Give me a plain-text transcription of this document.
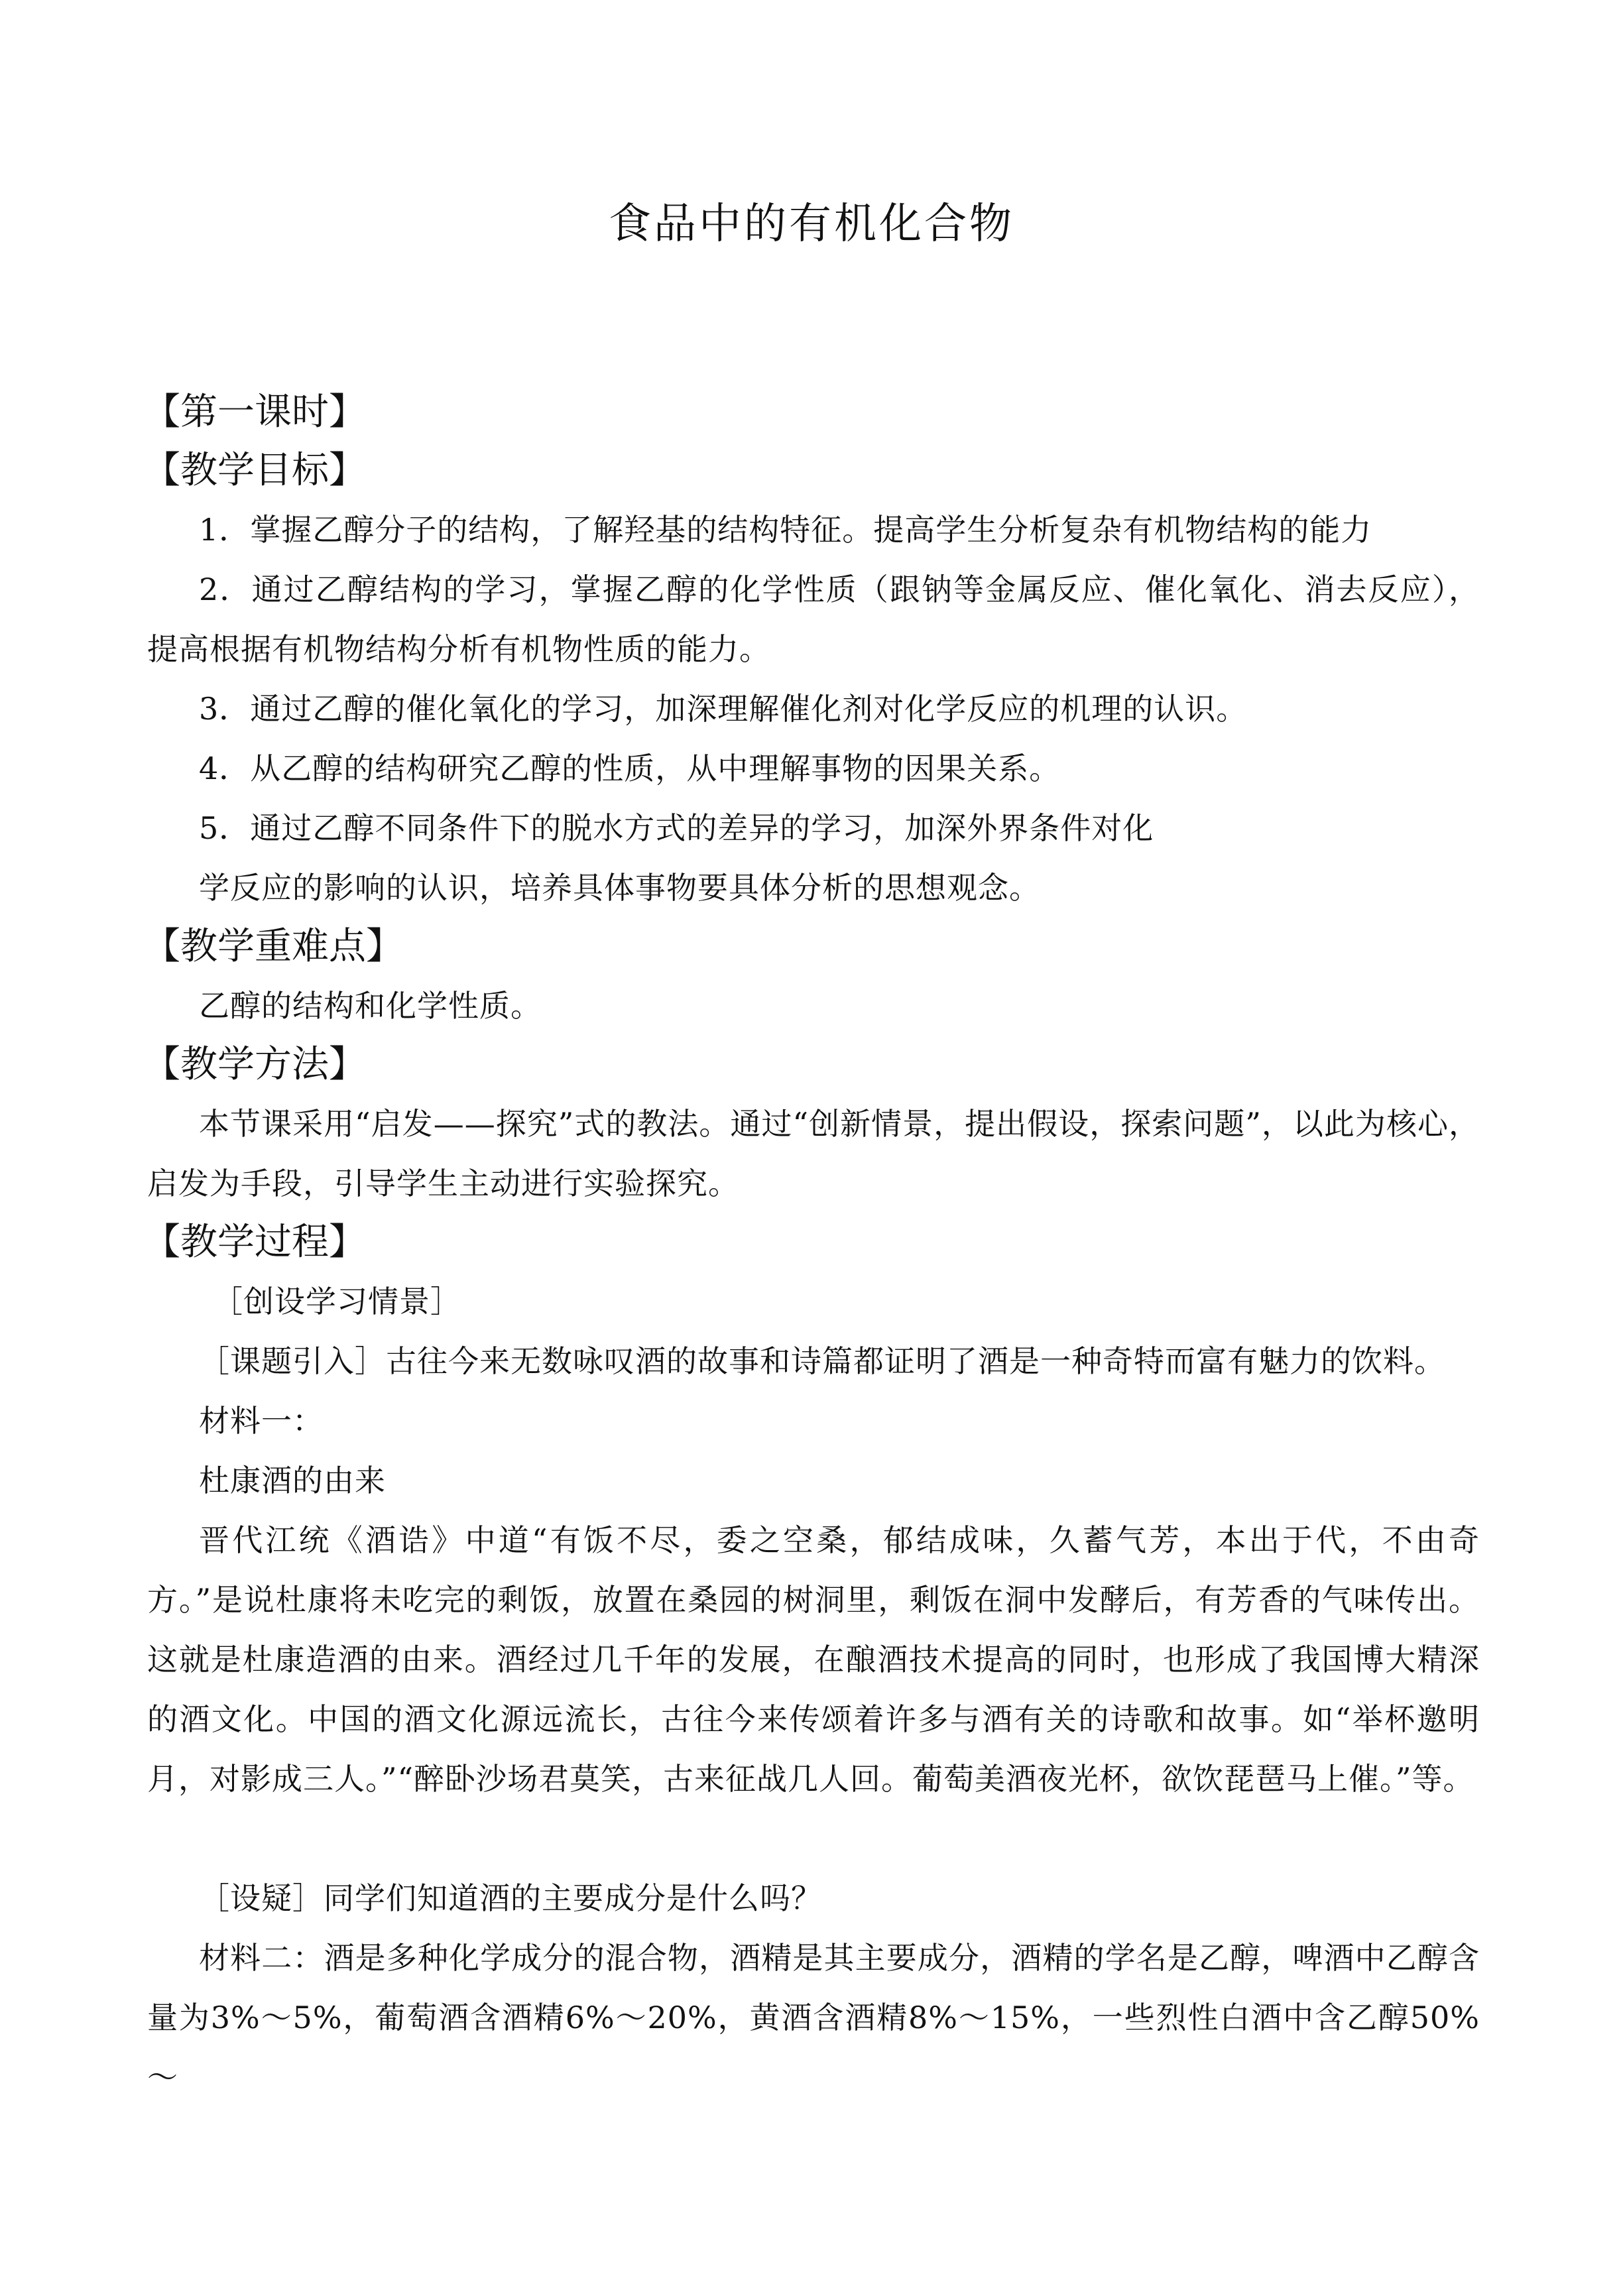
食品中的有机化合物
【第一课时】
【教学目标】
1．掌握乙醇分子的结构，了解羟基的结构特征。提高学生分析复杂有机物结构的能力
2．通过乙醇结构的学习，掌握乙醇的化学性质（跟钠等金属反应、催化氧化、消去反应），提高根据有机物结构分析有机物性质的能力。
3．通过乙醇的催化氧化的学习，加深理解催化剂对化学反应的机理的认识。
4．从乙醇的结构研究乙醇的性质，从中理解事物的因果关系。
5．通过乙醇不同条件下的脱水方式的差异的学习，加深外界条件对化
学反应的影响的认识，培养具体事物要具体分析的思想观念。
【教学重难点】
乙醇的结构和化学性质。
【教学方法】
本节课采用“启发——探究”式的教法。通过“创新情景，提出假设，探索问题”，以此为核心，启发为手段，引导学生主动进行实验探究。
【教学过程】
［创设学习情景］
［课题引入］古往今来无数咏叹酒的故事和诗篇都证明了酒是一种奇特而富有魅力的饮料。
材料一：
杜康酒的由来
晋代江统《酒诰》中道“有饭不尽，委之空桑，郁结成味，久蓄气芳，本出于代，不由奇方。”是说杜康将未吃完的剩饭，放置在桑园的树洞里，剩饭在洞中发酵后，有芳香的气味传出。这就是杜康造酒的由来。酒经过几千年的发展，在酿酒技术提高的同时，也形成了我国博大精深的酒文化。中国的酒文化源远流长，古往今来传颂着许多与酒有关的诗歌和故事。如“举杯邀明月，对影成三人。”“醉卧沙场君莫笑，古来征战几人回。葡萄美酒夜光杯，欲饮琵琶马上催。”等。
［设疑］同学们知道酒的主要成分是什么吗？
材料二：酒是多种化学成分的混合物，酒精是其主要成分，酒精的学名是乙醇，啤酒中乙醇含量为3%～5%，葡萄酒含酒精6%～20%，黄酒含酒精8%～15%，一些烈性白酒中含乙醇50%～
